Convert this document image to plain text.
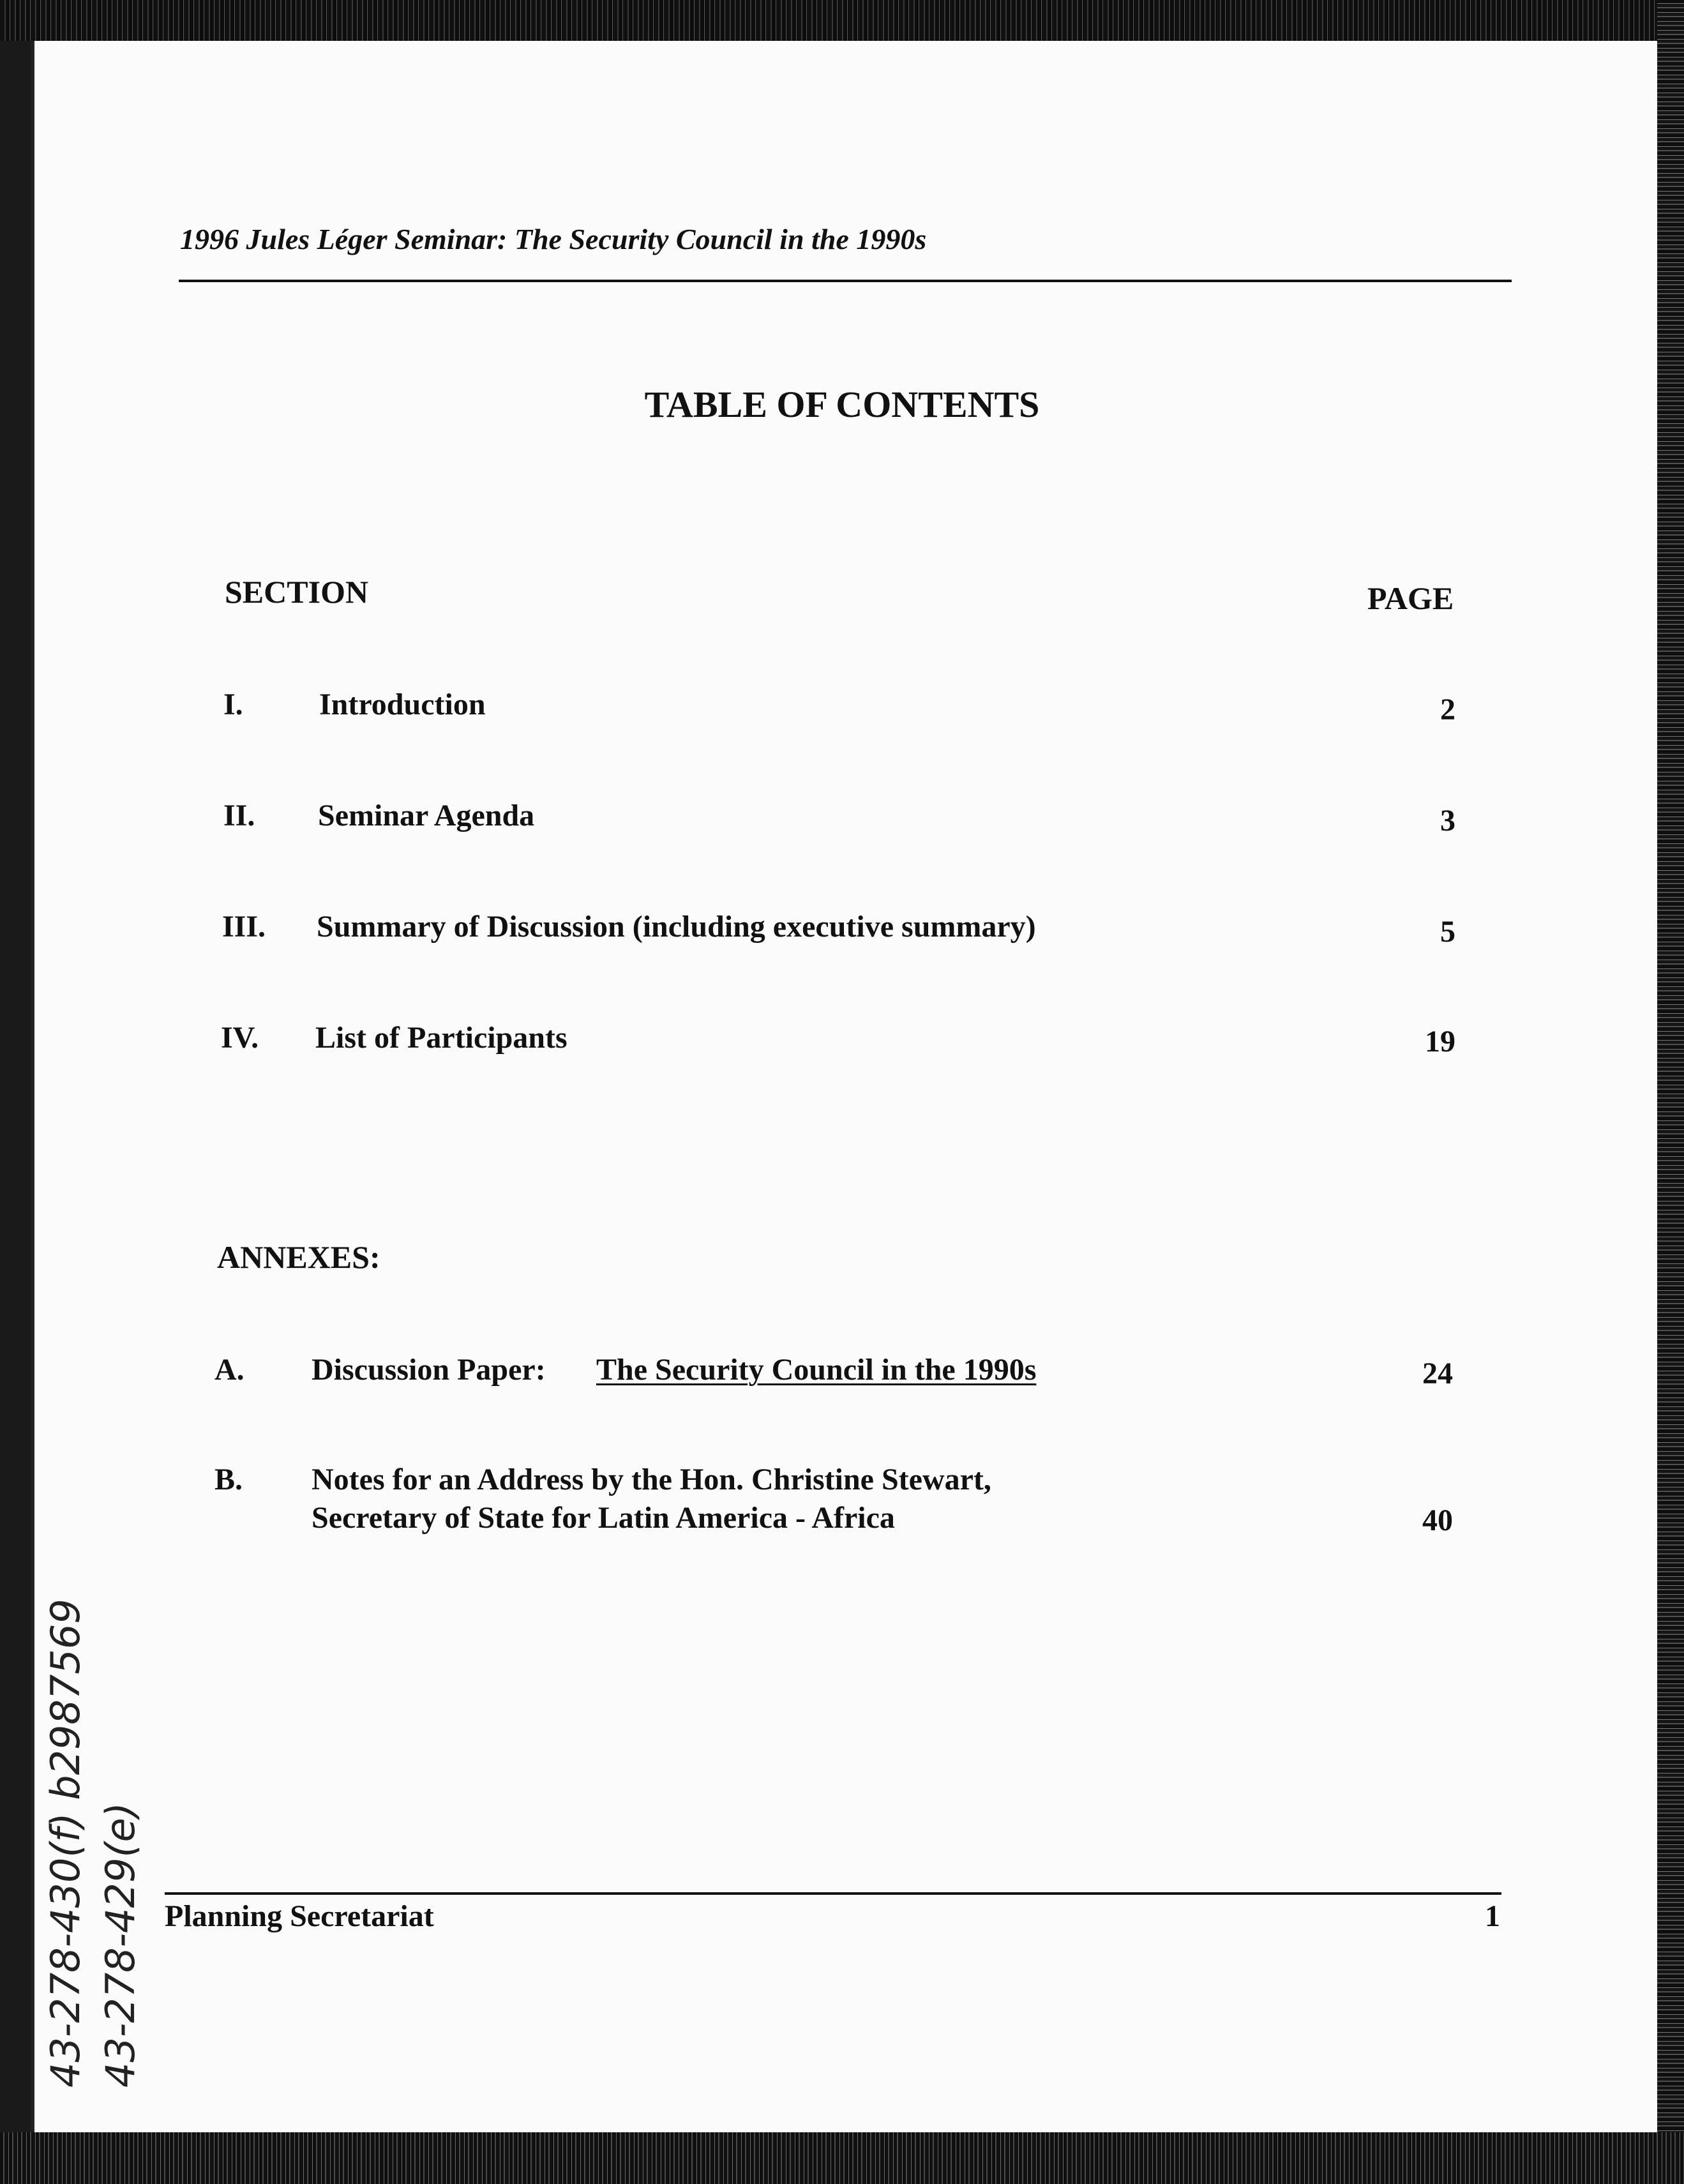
1996 Jules Léger Seminar: The Security Council in the 1990s
TABLE OF CONTENTS
SECTION	PAGE
I. Introduction	2
II. Seminar Agenda	3
III. Summary of Discussion (including executive summary)	5
IV. List of Participants	19
ANNEXES:
A. Discussion Paper: The Security Council in the 1990s	24
B. Notes for an Address by the Hon. Christine Stewart,
Secretary of State for Latin America - Africa	40
Planning Secretariat	1
43-278-430(f) b2987569 43-278-429(e)
